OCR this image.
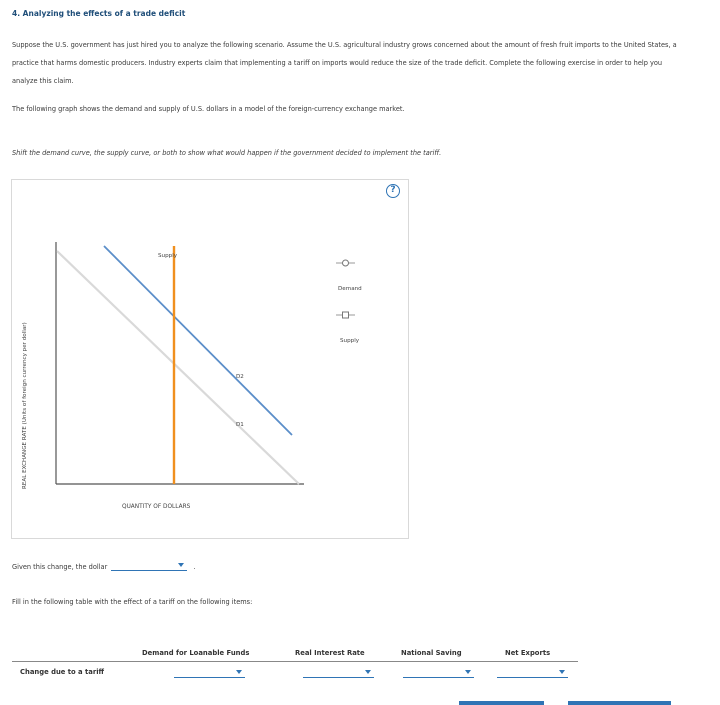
4. Analyzing the effects of a trade deficit

Suppose the U.S. government has just hired you to analyze the following scenario. Assume the U.S. agricultural industry grows concerned about the amount of fresh fruit imports to the United States, a practice that harms domestic producers. Industry experts claim that implementing a tariff on imports would reduce the size of the trade deficit. Complete the following exercise in order to help you analyze this claim.

The following graph shows the demand and supply of U.S. dollars in a model of the foreign-currency exchange market.

Shift the demand curve, the supply curve, or both to show what would happen if the government decided to implement the tariff.

?
REAL EXCHANGE RATE (Units of foreign currency per dollar)
QUANTITY OF DOLLARS
D1
D2
Supply
Demand
Supply
Given this change, the dollar	.
Fill in the following table with the effect of a tariff on the following items:
Demand for Loanable Funds	Real Interest Rate	National Saving	Net Exports
Change due to a tariff
